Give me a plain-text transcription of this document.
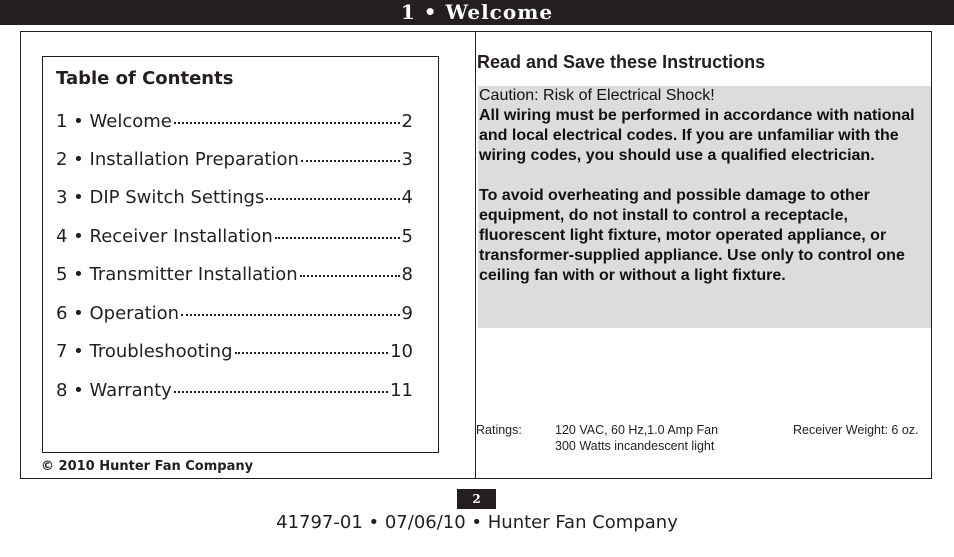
1 • Welcome
Table of Contents
1 • Welcome	2
2 • Installation Preparation	3
3 • DIP Switch Settings	4
4 • Receiver Installation	5
5 • Transmitter Installation	8
6 • Operation	9
7 • Troubleshooting	10
8 • Warranty	11
© 2010 Hunter Fan Company
Read and Save these Instructions

Caution: Risk of Electrical Shock!

All wiring must be performed in accordance with national and local electrical codes. If you are unfamiliar with the wiring codes, you should use a qualified electrician.

To avoid overheating and possible damage to other equipment, do not install to control a receptacle, fluorescent light fixture, motor operated appliance, or transformer-supplied appliance. Use only to control one ceiling fan with or without a light fixture.

Ratings:	120 VAC, 60 Hz,1.0 Amp Fan
300 Watts incandescent light
Receiver Weight: 6 oz.
2
41797-01 • 07/06/10 • Hunter Fan Company
